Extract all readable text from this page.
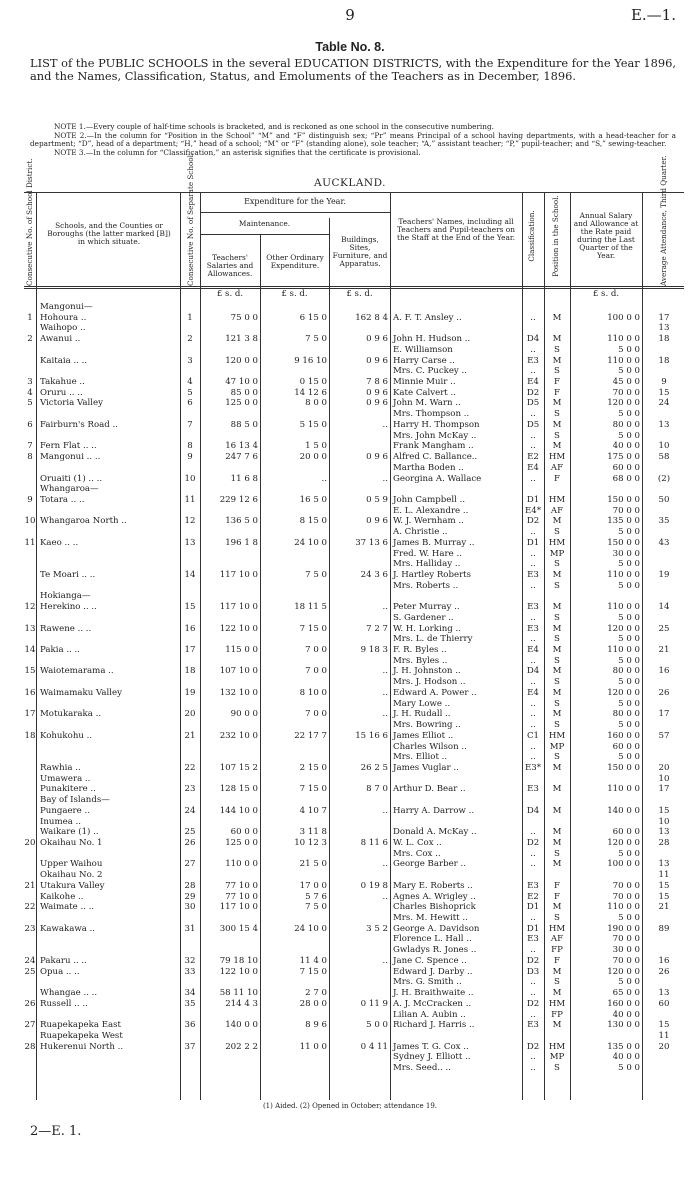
9	E.—1.
Table No. 8.
LIST of the PUBLIC SCHOOLS in the several EDUCATION DISTRICTS, with the Expenditure for the Year 1896, and the Names, Classification, Status, and Emoluments of the Teachers as in December, 1896.
NOTE 1.—Every couple of half-time schools is bracketed, and is reckoned as one school in the consecutive numbering.
NOTE 2.—In the column for “Position in the School” “M” and “F” distinguish sex; “Pr” means Principal of a school having departments, with a head-teacher for a department; “D”, head of a department; “H,” head of a school; “M” or “F” (standing alone), sole teacher; “A,” assistant teacher; “P,” pupil-teacher; and “S,” sewing-teacher.
NOTE 3.—In the column for “Classification,” an asterisk signifies that the certificate is provisional.
AUCKLAND.
Consecutive No. of School District.	Schools, and the Counties or Boroughs (the latter marked [B]) in which situate.	Consecutive No. of Separate School.	Expenditure for the Year.
Maintenance.
Teachers' Salaries and Allowances.
Other Ordinary Expenditure.
Buildings, Sites, Furniture, and Apparatus.
Teachers' Names, including all Teachers and Pupil-teachers on the Staff at the End of the Year.	Classification. Position in the School.	Annual Salary and Allowance at the Rate paid during the Last Quarter of the Year.	Average Attendance, Third Quarter.
£ s. d.	£ s. d.	£ s. d.	£ s. d.
Mangonui—
1 Hohoura ..	1	75 0 0	6 15 0	162 8 4 A. F. T. Ansley ..	..	M	100 0 0	17
Waihopo ..	13
2 Awanui ..	2	121 3 8	7 5 0	0 9 6 John H. Hudson ..	D4	M	110 0 0	18
E. Williamson	..	S	5 0 0
Kaitaia .. ..	3	120 0 0	9 16 10	0 9 6 Harry Carse ..	E3	M	110 0 0	18
Mrs. C. Puckey ..	..	S	5 0 0
3 Takahue ..	4	47 10 0	0 15 0	7 8 6 Minnie Muir ..	E4	F	45 0 0	9
4 Oruru .. ..	5	85 0 0	14 12 6	0 9 6 Kate Calvert ..	D2	F	70 0 0	15
5 Victoria Valley	6	125 0 0	8 0 0	0 9 6 John M. Warn ..	D5	M	120 0 0	24
Mrs. Thompson ..	..	S	5 0 0
6 Fairburn's Road ..	7	88 5 0	5 15 0	.. Harry H. Thompson	D5	M	80 0 0	13
Mrs. John McKay ..	..	S	5 0 0
7 Fern Flat .. ..	8	16 13 4	1 5 0	Frank Mangham ..	..	M	40 0 0	10
8 Mangonui .. ..	9	247 7 6	20 0 0	0 9 6 Alfred C. Ballance..	E2	HM	175 0 0	58
Martha Boden ..	E4	AF	60 0 0
Oruaiti (1) .. ..	10	11 6 8	..	.. Georgina A. Wallace	..	F	68 0 0	(2)
Whangaroa—
9 Totara .. ..	11	229 12 6	16 5 0	0 5 9 John Campbell ..	D1	HM	150 0 0	50
E. L. Alexandre ..	E4*	AF	70 0 0
10 Whangaroa North ..	12	136 5 0	8 15 0	0 9 6 W. J. Wernham ..	D2	M	135 0 0	35
A. Christie ..	..	S	5 0 0
11 Kaeo .. ..	13	196 1 8	24 10 0	37 13 6 James B. Murray ..	D1	HM	150 0 0	43
Fred. W. Hare ..	..	MP	30 0 0
Mrs. Halliday ..	..	S	5 0 0
Te Moari .. ..	14	117 10 0	7 5 0	24 3 6 J. Hartley Roberts	E3	M	110 0 0	19
Mrs. Roberts ..	..	S	5 0 0
Hokianga—
12 Herekino .. ..	15	117 10 0	18 11 5	.. Peter Murray ..	E3	M	110 0 0	14
S. Gardener ..	..	S	5 0 0
13 Rawene .. ..	16	122 10 0	7 15 0	7 2 7 W. H. Lorking ..	E3	M	120 0 0	25
Mrs. L. de Thierry	..	S	5 0 0
14 Pakia .. ..	17	115 0 0	7 0 0	9 18 3 F. R. Byles ..	E4	M	110 0 0	21
Mrs. Byles ..	..	S	5 0 0
15 Waiotemarama ..	18	107 10 0	7 0 0	.. J. H. Johnston ..	D4	M	80 0 0	16
Mrs. J. Hodson ..	..	S	5 0 0
16 Waimamaku Valley	19	132 10 0	8 10 0	.. Edward A. Power ..	E4	M	120 0 0	26
Mary Lowe ..	..	S	5 0 0
17 Motukaraka ..	20	90 0 0	7 0 0	.. J. H. Rudall ..	..	M	80 0 0	17
Mrs. Bowring ..	..	S	5 0 0
18 Kohukohu ..	21	232 10 0	22 17 7	15 16 6 James Elliot ..	C1	HM	160 0 0	57
Charles Wilson ..	..	MP	60 0 0
Mrs. Elliot ..	..	S	5 0 0
Rawhia ..	22	107 15 2	2 15 0	26 2 5 James Vuglar ..	E3*	M	150 0 0	20
Umawera ..	10
Punakitere ..	23	128 15 0	7 15 0	8 7 0 Arthur D. Bear ..	E3	M	110 0 0	17
Bay of Islands—
Pungaere ..	24	144 10 0	4 10 7	.. Harry A. Darrow ..	D4	M	140 0 0	15
Inumea ..	10
Waikare (1) ..	25	60 0 0	3 11 8	Donald A. McKay ..	..	M	60 0 0	13
20 Okaihau No. 1	26	125 0 0	10 12 3	8 11 6 W. L. Cox ..	D2	M	120 0 0	28
Mrs. Cox ..	..	S	5 0 0
Upper Waihou	27	110 0 0	21 5 0	.. George Barber ..	..	M	100 0 0	13
Okaihau No. 2	11
21 Utakura Valley	28	77 10 0	17 0 0	0 19 8 Mary E. Roberts ..	E3	F	70 0 0	15
Kaikohe ..	29	77 10 0	5 7 6	.. Agnes A. Wrigley ..	E2	F	70 0 0	15
22 Waimate .. ..	30	117 10 0	7 5 0	Charles Bishoprick	D1	M	110 0 0	21
Mrs. M. Hewitt ..	..	S	5 0 0
23 Kawakawa ..	31	300 15 4	24 10 0	3 5 2 George A. Davidson	D1	HM	190 0 0	89
Florence L. Hall ..	E3	AF	70 0 0
Gwladys R. Jones ..	..	FP	30 0 0
24 Pakaru .. ..	32	79 18 10	11 4 0	.. Jane C. Spence ..	D2	F	70 0 0	16
25 Opua .. ..	33	122 10 0	7 15 0	Edward J. Darby ..	D3	M	120 0 0	26
Mrs. G. Smith ..	..	S	5 0 0
Whangae .. ..	34	58 11 10	2 7 0	J. H. Braithwaite ..	..	M	65 0 0	13
26 Russell .. ..	35	214 4 3	28 0 0	0 11 9 A. J. McCracken ..	D2	HM	160 0 0	60
Lilian A. Aubin ..	..	FP	40 0 0
27 Ruapekapeka East	36	140 0 0	8 9 6	5 0 0 Richard J. Harris ..	E3	M	130 0 0	15
Ruapekapeka West	11
28 Hukerenui North ..	37	202 2 2	11 0 0	0 4 11 James T. G. Cox ..	D2	HM	135 0 0	20
Sydney J. Elliott ..	..	MP	40 0 0
Mrs. Seed.. ..	..	S	5 0 0
(1) Aided. (2) Opened in October; attendance 19.
2—E. 1.
